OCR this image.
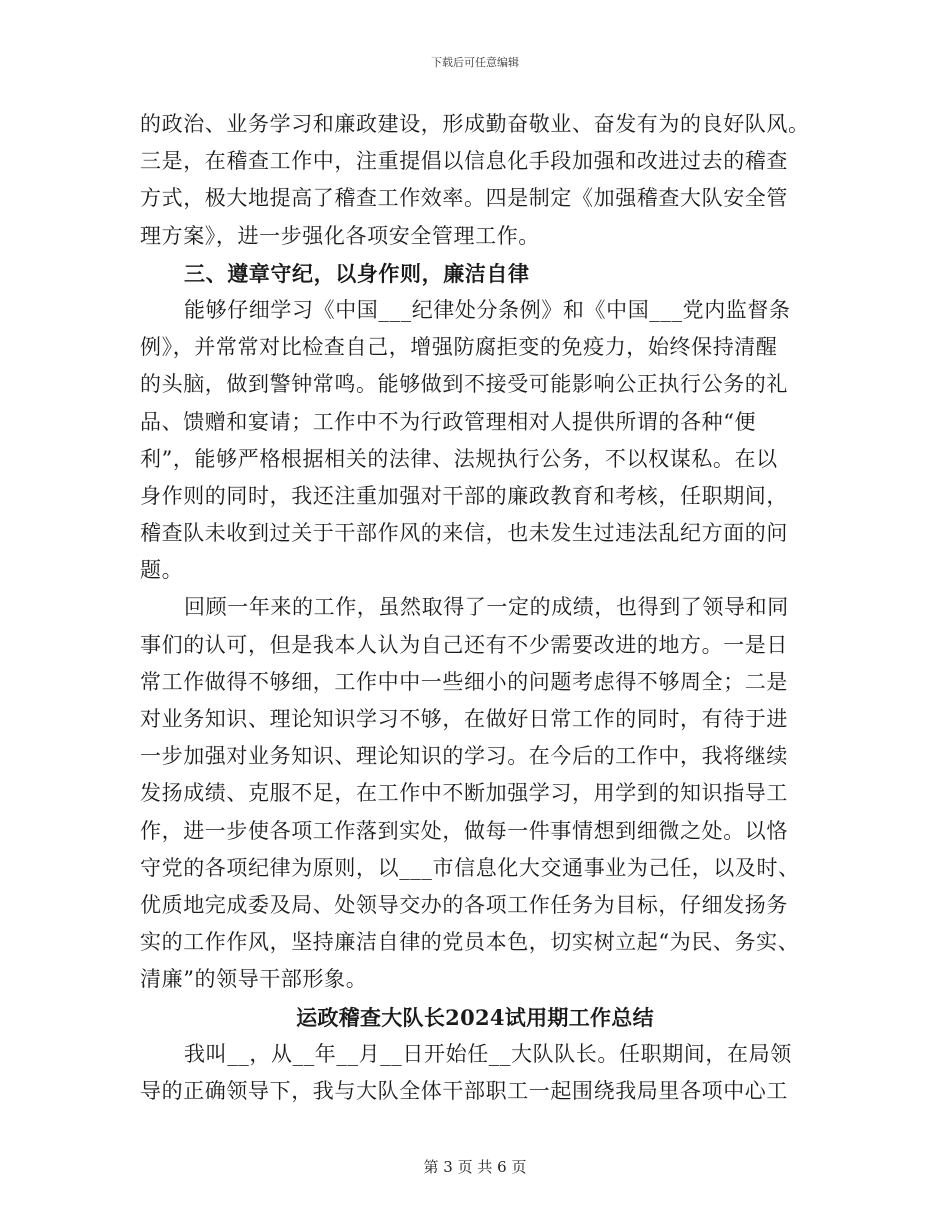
下载后可任意编辑
的政治、业务学习和廉政建设，形成勤奋敬业、奋发有为的良好队风。
三是，在稽查工作中，注重提倡以信息化手段加强和改进过去的稽查
方式，极大地提高了稽查工作效率。四是制定《加强稽查大队安全管
理方案》，进一步强化各项安全管理工作。
三、遵章守纪，以身作则，廉洁自律
能够仔细学习《中国___纪律处分条例》和《中国___党内监督条
例》，并常常对比检查自己，增强防腐拒变的免疫力，始终保持清醒
的头脑，做到警钟常鸣。能够做到不接受可能影响公正执行公务的礼
品、馈赠和宴请；工作中不为行政管理相对人提供所谓的各种“便
利”，能够严格根据相关的法律、法规执行公务，不以权谋私。在以
身作则的同时，我还注重加强对干部的廉政教育和考核，任职期间，
稽查队未收到过关于干部作风的来信，也未发生过违法乱纪方面的问
题。
回顾一年来的工作，虽然取得了一定的成绩，也得到了领导和同
事们的认可，但是我本人认为自己还有不少需要改进的地方。一是日
常工作做得不够细，工作中中一些细小的问题考虑得不够周全；二是
对业务知识、理论知识学习不够，在做好日常工作的同时，有待于进
一步加强对业务知识、理论知识的学习。在今后的工作中，我将继续
发扬成绩、克服不足，在工作中不断加强学习，用学到的知识指导工
作，进一步使各项工作落到实处，做每一件事情想到细微之处。以恪
守党的各项纪律为原则，以___市信息化大交通事业为己任，以及时、
优质地完成委及局、处领导交办的各项工作任务为目标，仔细发扬务
实的工作作风，坚持廉洁自律的党员本色，切实树立起“为民、务实、
清廉”的领导干部形象。
运政稽查大队长2024试用期工作总结
我叫__，从__年__月__日开始任__大队队长。任职期间，在局领
导的正确领导下，我与大队全体干部职工一起围绕我局里各项中心工
第 3 页 共 6 页
